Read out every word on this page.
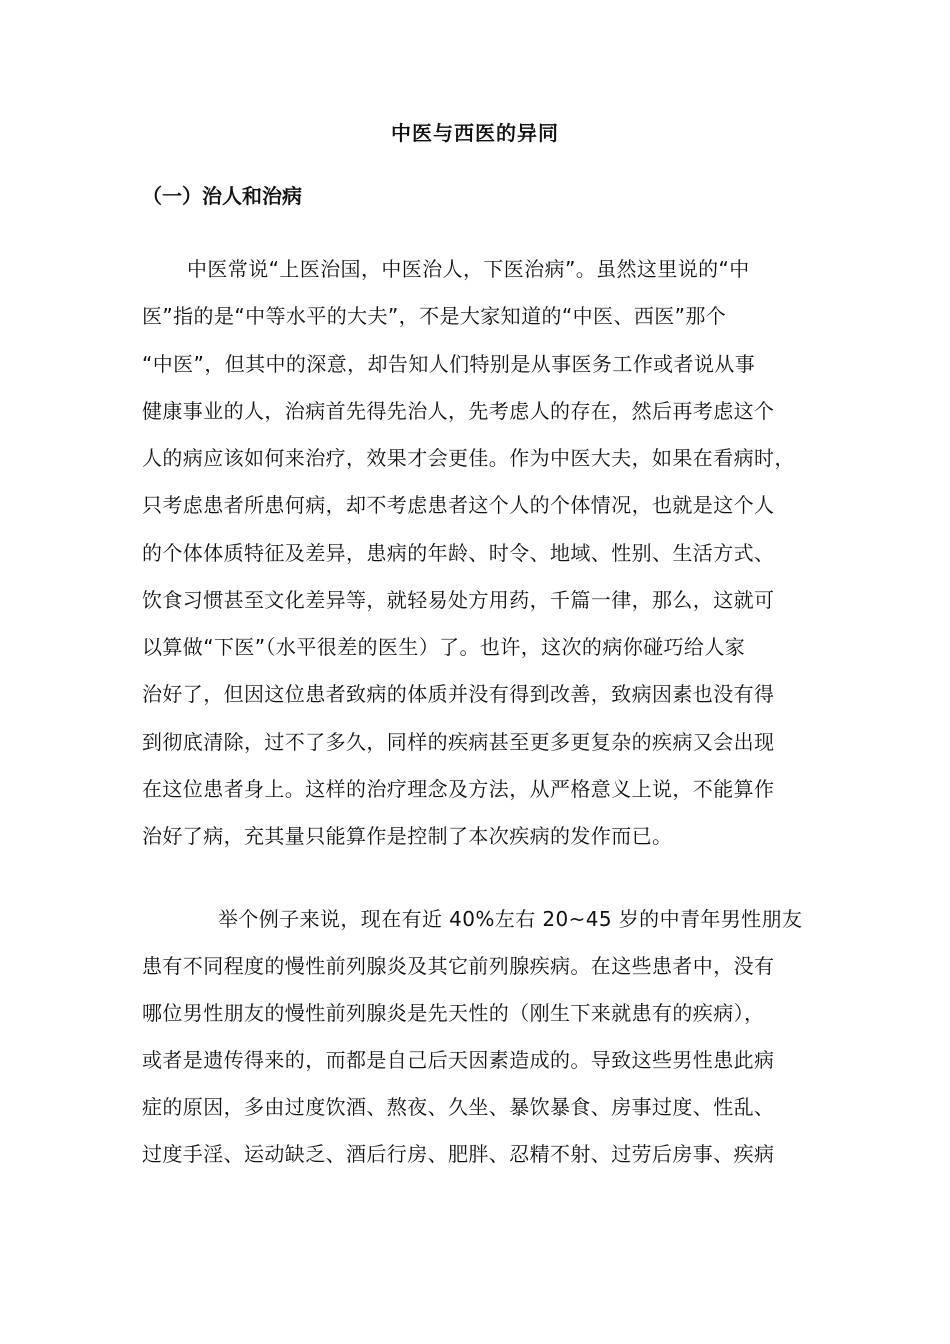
中医与西医的异同
（一）治人和治病
中医常说“上医治国，中医治人，下医治病”。虽然这里说的“中
医”指的是“中等水平的大夫”，不是大家知道的“中医、西医”那个
“中医”，但其中的深意，却告知人们特别是从事医务工作或者说从事
健康事业的人，治病首先得先治人，先考虑人的存在，然后再考虑这个
人的病应该如何来治疗，效果才会更佳。作为中医大夫，如果在看病时，
只考虑患者所患何病，却不考虑患者这个人的个体情况，也就是这个人
的个体体质特征及差异，患病的年龄、时令、地域、性别、生活方式、
饮食习惯甚至文化差异等，就轻易处方用药，千篇一律，那么，这就可
以算做“下医”（水平很差的医生）了。也许，这次的病你碰巧给人家
治好了，但因这位患者致病的体质并没有得到改善，致病因素也没有得
到彻底清除，过不了多久，同样的疾病甚至更多更复杂的疾病又会出现
在这位患者身上。这样的治疗理念及方法，从严格意义上说，不能算作
治好了病，充其量只能算作是控制了本次疾病的发作而已。
举个例子来说，现在有近 40%左右 20~45 岁的中青年男性朋友
患有不同程度的慢性前列腺炎及其它前列腺疾病。在这些患者中，没有
哪位男性朋友的慢性前列腺炎是先天性的（刚生下来就患有的疾病），
或者是遗传得来的，而都是自己后天因素造成的。导致这些男性患此病
症的原因，多由过度饮酒、熬夜、久坐、暴饮暴食、房事过度、性乱、
过度手淫、运动缺乏、酒后行房、肥胖、忍精不射、过劳后房事、疾病
